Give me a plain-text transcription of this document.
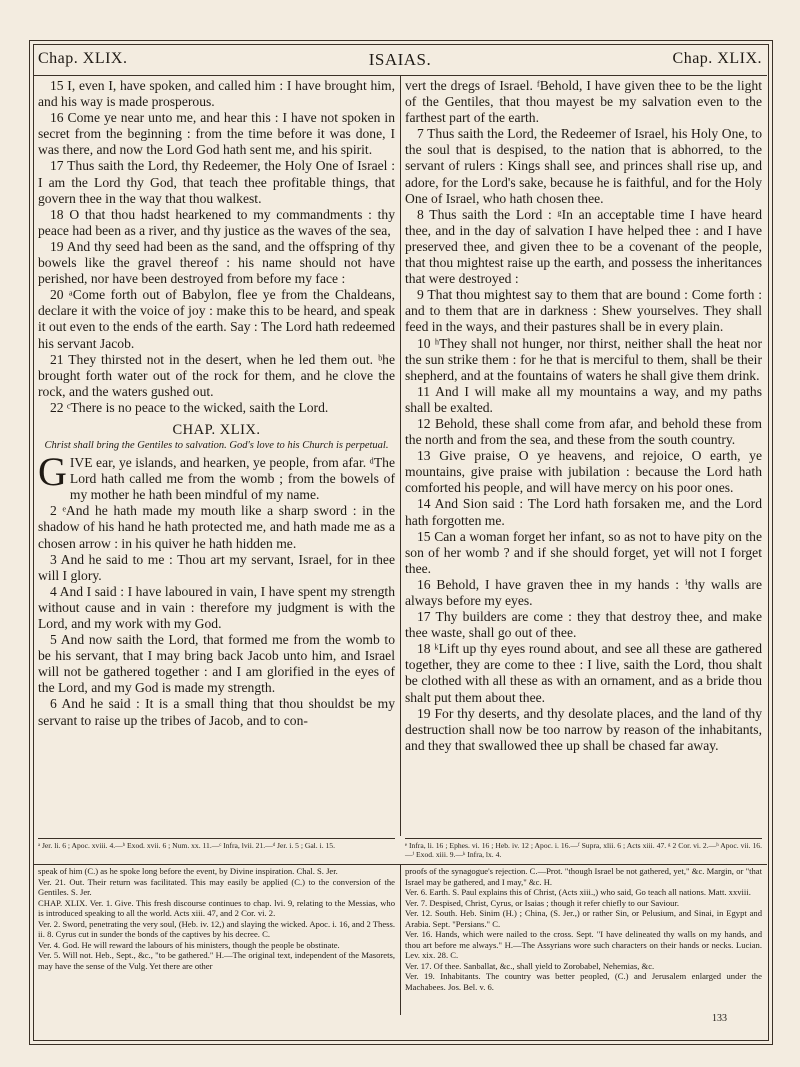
Chap. XLIX.	ISAIAS.	Chap. XLIX.

15 I, even I, have spoken, and called him : I have brought him, and his way is made prosperous.

16 Come ye near unto me, and hear this : I have not spoken in secret from the beginning : from the time before it was done, I was there, and now the Lord God hath sent me, and his spirit.

17 Thus saith the Lord, thy Redeemer, the Holy One of Israel : I am the Lord thy God, that teach thee profitable things, that govern thee in the way that thou walkest.

18 O that thou hadst hearkened to my commandments : thy peace had been as a river, and thy justice as the waves of the sea,

19 And thy seed had been as the sand, and the offspring of thy bowels like the gravel thereof : his name should not have perished, nor have been destroyed from before my face :

20 ᵃCome forth out of Babylon, flee ye from the Chaldeans, declare it with the voice of joy : make this to be heard, and speak it out even to the ends of the earth. Say : The Lord hath redeemed his servant Jacob.

21 They thirsted not in the desert, when he led them out. ᵇhe brought forth water out of the rock for them, and he clove the rock, and the waters gushed out.

22 ᶜThere is no peace to the wicked, saith the Lord.

CHAP. XLIX.
Christ shall bring the Gentiles to salvation. God's love to his Church is perpetual.

GIVE ear, ye islands, and hearken, ye people, from afar. ᵈThe Lord hath called me from the womb ; from the bowels of my mother he hath been mindful of my name.

2 ᵉAnd he hath made my mouth like a sharp sword : in the shadow of his hand he hath protected me, and hath made me as a chosen arrow : in his quiver he hath hidden me.

3 And he said to me : Thou art my servant, Israel, for in thee will I glory.

4 And I said : I have laboured in vain, I have spent my strength without cause and in vain : therefore my judgment is with the Lord, and my work with my God.

5 And now saith the Lord, that formed me from the womb to be his servant, that I may bring back Jacob unto him, and Israel will not be gathered together : and I am glorified in the eyes of the Lord, and my God is made my strength.

6 And he said : It is a small thing that thou shouldst be my servant to raise up the tribes of Jacob, and to con-

vert the dregs of Israel. ᶠBehold, I have given thee to be the light of the Gentiles, that thou mayest be my salvation even to the farthest part of the earth.

7 Thus saith the Lord, the Redeemer of Israel, his Holy One, to the soul that is despised, to the nation that is abhorred, to the servant of rulers : Kings shall see, and princes shall rise up, and adore, for the Lord's sake, because he is faithful, and for the Holy One of Israel, who hath chosen thee.

8 Thus saith the Lord : ᵍIn an acceptable time I have heard thee, and in the day of salvation I have helped thee : and I have preserved thee, and given thee to be a covenant of the people, that thou mightest raise up the earth, and possess the inheritances that were destroyed :

9 That thou mightest say to them that are bound : Come forth : and to them that are in darkness : Shew yourselves. They shall feed in the ways, and their pastures shall be in every plain.

10 ʰThey shall not hunger, nor thirst, neither shall the heat nor the sun strike them : for he that is merciful to them, shall be their shepherd, and at the fountains of waters he shall give them drink.

11 And I will make all my mountains a way, and my paths shall be exalted.

12 Behold, these shall come from afar, and behold these from the north and from the sea, and these from the south country.

13 Give praise, O ye heavens, and rejoice, O earth, ye mountains, give praise with jubilation : because the Lord hath comforted his people, and will have mercy on his poor ones.

14 And Sion said : The Lord hath forsaken me, and the Lord hath forgotten me.

15 Can a woman forget her infant, so as not to have pity on the son of her womb ? and if she should forget, yet will not I forget thee.

16 Behold, I have graven thee in my hands : ⁱthy walls are always before my eyes.

17 Thy builders are come : they that destroy thee, and make thee waste, shall go out of thee.

18 ᵏLift up thy eyes round about, and see all these are gathered together, they are come to thee : I live, saith the Lord, thou shalt be clothed with all these as with an ornament, and as a bride thou shalt put them about thee.

19 For thy deserts, and thy desolate places, and the land of thy destruction shall now be too narrow by reason of the inhabitants, and they that swallowed thee up shall be chased far away.

ᵃ Jer. li. 6 ; Apoc. xviii. 4.—ᵇ Exod. xvii. 6 ; Num. xx. 11.—ᶜ Infra, lvii. 21.—ᵈ Jer. i. 5 ; Gal. i. 15.	ᵉ Infra, li. 16 ; Ephes. vi. 16 ; Heb. iv. 12 ; Apoc. i. 16.—ᶠ Supra, xlii. 6 ; Acts xiii. 47. ᵍ 2 Cor. vi. 2.—ʰ Apoc. vii. 16.—ⁱ Exod. xiii. 9.—ᵏ Infra, lx. 4.

speak of him (C.) as he spoke long before the event, by Divine inspiration. Chal. S. Jer.

Ver. 21. Out. Their return was facilitated. This may easily be applied (C.) to the conversion of the Gentiles. S. Jer.

CHAP. XLIX. Ver. 1. Give. This fresh discourse continues to chap. lvi. 9, relating to the Messias, who is introduced speaking to all the world. Acts xiii. 47, and 2 Cor. vi. 2.

Ver. 2. Sword, penetrating the very soul, (Heb. iv. 12,) and slaying the wicked. Apoc. i. 16, and 2 Thess. ii. 8. Cyrus cut in sunder the bonds of the captives by his decree. C.

Ver. 4. God. He will reward the labours of his ministers, though the people be obstinate.

Ver. 5. Will not. Heb., Sept., &c., "to be gathered." H.—The original text, independent of the Masorets, may have the sense of the Vulg. Yet there are other

proofs of the synagogue's rejection. C.—Prot. "though Israel be not gathered, yet," &c. Margin, or "that Israel may be gathered, and I may," &c. H.

Ver. 6. Earth. S. Paul explains this of Christ, (Acts xiii.,) who said, Go teach all nations. Matt. xxviii.

Ver. 7. Despised, Christ, Cyrus, or Isaias ; though it refer chiefly to our Saviour.

Ver. 12. South. Heb. Sinim (H.) ; China, (S. Jer.,) or rather Sin, or Pelusium, and Sinai, in Egypt and Arabia. Sept. "Persians." C.

Ver. 16. Hands, which were nailed to the cross. Sept. "I have delineated thy walls on my hands, and thou art before me always." H.—The Assyrians wore such characters on their hands or necks. Lucian. Lev. xix. 28. C.

Ver. 17. Of thee. Sanballat, &c., shall yield to Zorobabel, Nehemias, &c.

Ver. 19. Inhabitants. The country was better peopled, (C.) and Jerusalem enlarged under the Machabees. Jos. Bel. v. 6.

133
